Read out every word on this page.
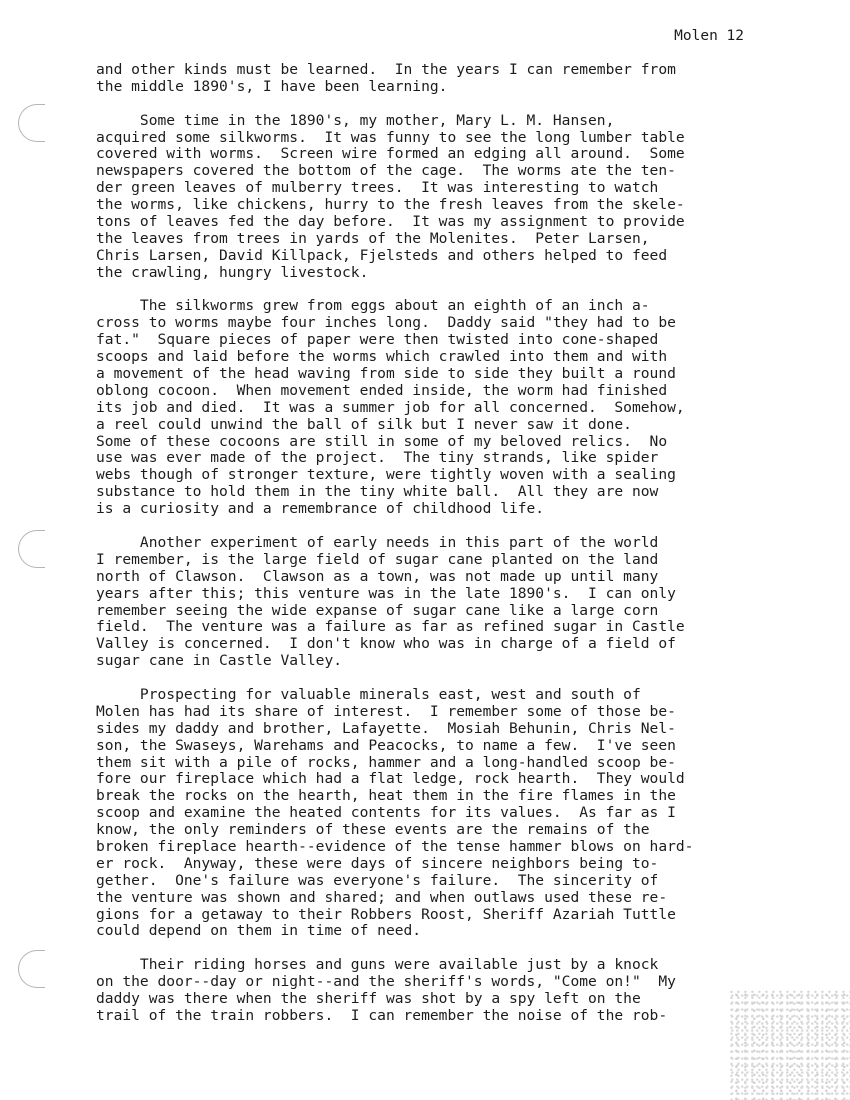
Molen 12
and other kinds must be learned.  In the years I can remember from
the middle 1890's, I have been learning.
Some time in the 1890's, my mother, Mary L. M. Hansen,
acquired some silkworms.  It was funny to see the long lumber table
covered with worms.  Screen wire formed an edging all around.  Some
newspapers covered the bottom of the cage.  The worms ate the ten-
der green leaves of mulberry trees.  It was interesting to watch
the worms, like chickens, hurry to the fresh leaves from the skele-
tons of leaves fed the day before.  It was my assignment to provide
the leaves from trees in yards of the Molenites.  Peter Larsen,
Chris Larsen, David Killpack, Fjelsteds and others helped to feed
the crawling, hungry livestock.
The silkworms grew from eggs about an eighth of an inch a-
cross to worms maybe four inches long.  Daddy said "they had to be
fat."  Square pieces of paper were then twisted into cone-shaped
scoops and laid before the worms which crawled into them and with
a movement of the head waving from side to side they built a round
oblong cocoon.  When movement ended inside, the worm had finished
its job and died.  It was a summer job for all concerned.  Somehow,
a reel could unwind the ball of silk but I never saw it done.
Some of these cocoons are still in some of my beloved relics.  No
use was ever made of the project.  The tiny strands, like spider
webs though of stronger texture, were tightly woven with a sealing
substance to hold them in the tiny white ball.  All they are now
is a curiosity and a remembrance of childhood life.
Another experiment of early needs in this part of the world
I remember, is the large field of sugar cane planted on the land
north of Clawson.  Clawson as a town, was not made up until many
years after this; this venture was in the late 1890's.  I can only
remember seeing the wide expanse of sugar cane like a large corn
field.  The venture was a failure as far as refined sugar in Castle
Valley is concerned.  I don't know who was in charge of a field of
sugar cane in Castle Valley.
Prospecting for valuable minerals east, west and south of
Molen has had its share of interest.  I remember some of those be-
sides my daddy and brother, Lafayette.  Mosiah Behunin, Chris Nel-
son, the Swaseys, Warehams and Peacocks, to name a few.  I've seen
them sit with a pile of rocks, hammer and a long-handled scoop be-
fore our fireplace which had a flat ledge, rock hearth.  They would
break the rocks on the hearth, heat them in the fire flames in the
scoop and examine the heated contents for its values.  As far as I
know, the only reminders of these events are the remains of the
broken fireplace hearth--evidence of the tense hammer blows on hard-
er rock.  Anyway, these were days of sincere neighbors being to-
gether.  One's failure was everyone's failure.  The sincerity of
the venture was shown and shared; and when outlaws used these re-
gions for a getaway to their Robbers Roost, Sheriff Azariah Tuttle
could depend on them in time of need.
Their riding horses and guns were available just by a knock
on the door--day or night--and the sheriff's words, "Come on!"  My
daddy was there when the sheriff was shot by a spy left on the
trail of the train robbers.  I can remember the noise of the rob-
